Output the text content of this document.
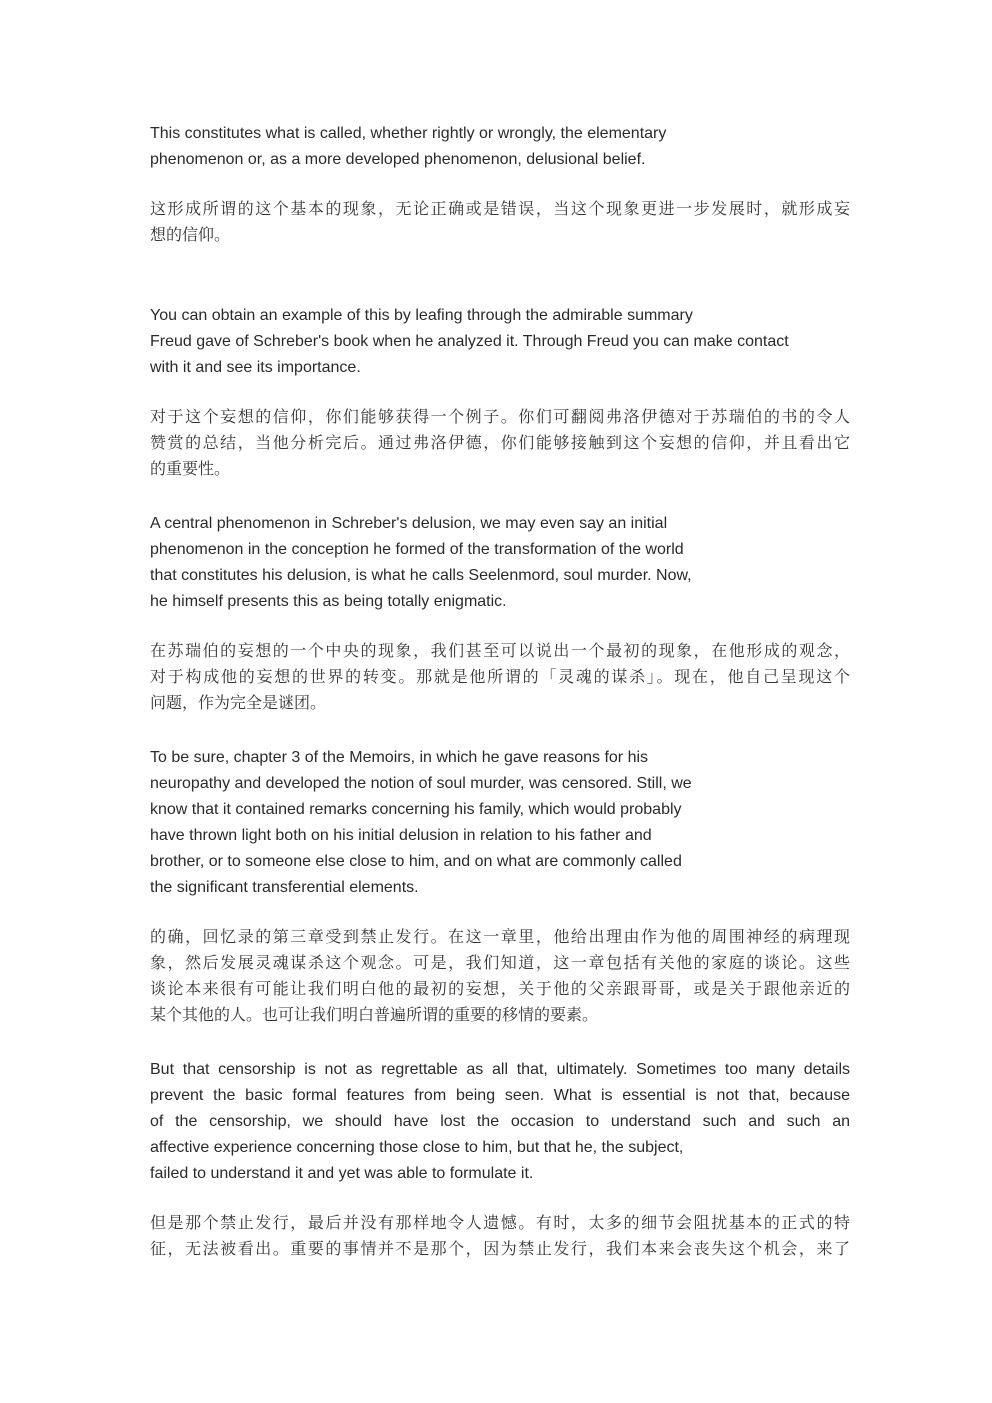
This constitutes what is called, whether rightly or wrongly, the elementary
phenomenon or, as a more developed phenomenon, delusional belief.
这形成所谓的这个基本的现象，无论正确或是错误，当这个现象更进一步发展时，就形成妄
想的信仰。
You can obtain an example of this by leafing through the admirable summary
Freud gave of Schreber's book when he analyzed it. Through Freud you can make contact
with it and see its importance.
对于这个妄想的信仰，你们能够获得一个例子。你们可翻阅弗洛伊德对于苏瑞伯的书的令人
赞赏的总结，当他分析完后。通过弗洛伊德，你们能够接触到这个妄想的信仰，并且看出它
的重要性。
A central phenomenon in Schreber's delusion, we may even say an initial
phenomenon in the conception he formed of the transformation of the world
that constitutes his delusion, is what he calls Seelenmord, soul murder. Now,
he himself presents this as being totally enigmatic.
在苏瑞伯的妄想的一个中央的现象，我们甚至可以说出一个最初的现象，在他形成的观念，
对于构成他的妄想的世界的转变。那就是他所谓的「灵魂的谋杀」。现在，他自己呈现这个
问题，作为完全是谜团。
To be sure, chapter 3 of the Memoirs, in which he gave reasons for his
neuropathy and developed the notion of soul murder, was censored. Still, we
know that it contained remarks concerning his family, which would probably
have thrown light both on his initial delusion in relation to his father and
brother, or to someone else close to him, and on what are commonly called
the significant transferential elements.
的确，回忆录的第三章受到禁止发行。在这一章里，他给出理由作为他的周围神经的病理现
象，然后发展灵魂谋杀这个观念。可是，我们知道，这一章包括有关他的家庭的谈论。这些
谈论本来很有可能让我们明白他的最初的妄想，关于他的父亲跟哥哥，或是关于跟他亲近的
某个其他的人。也可让我们明白普遍所谓的重要的移情的要素。
But that censorship is not as regrettable as all that, ultimately. Sometimes too many details
prevent the basic formal features from being seen. What is essential is not that, because
of the censorship, we should have lost the occasion to understand such and such an
affective experience concerning those close to him, but that he, the subject,
failed to understand it and yet was able to formulate it.
但是那个禁止发行，最后并没有那样地令人遗憾。有时，太多的细节会阻扰基本的正式的特
征，无法被看出。重要的事情并不是那个，因为禁止发行，我们本来会丧失这个机会，来了
